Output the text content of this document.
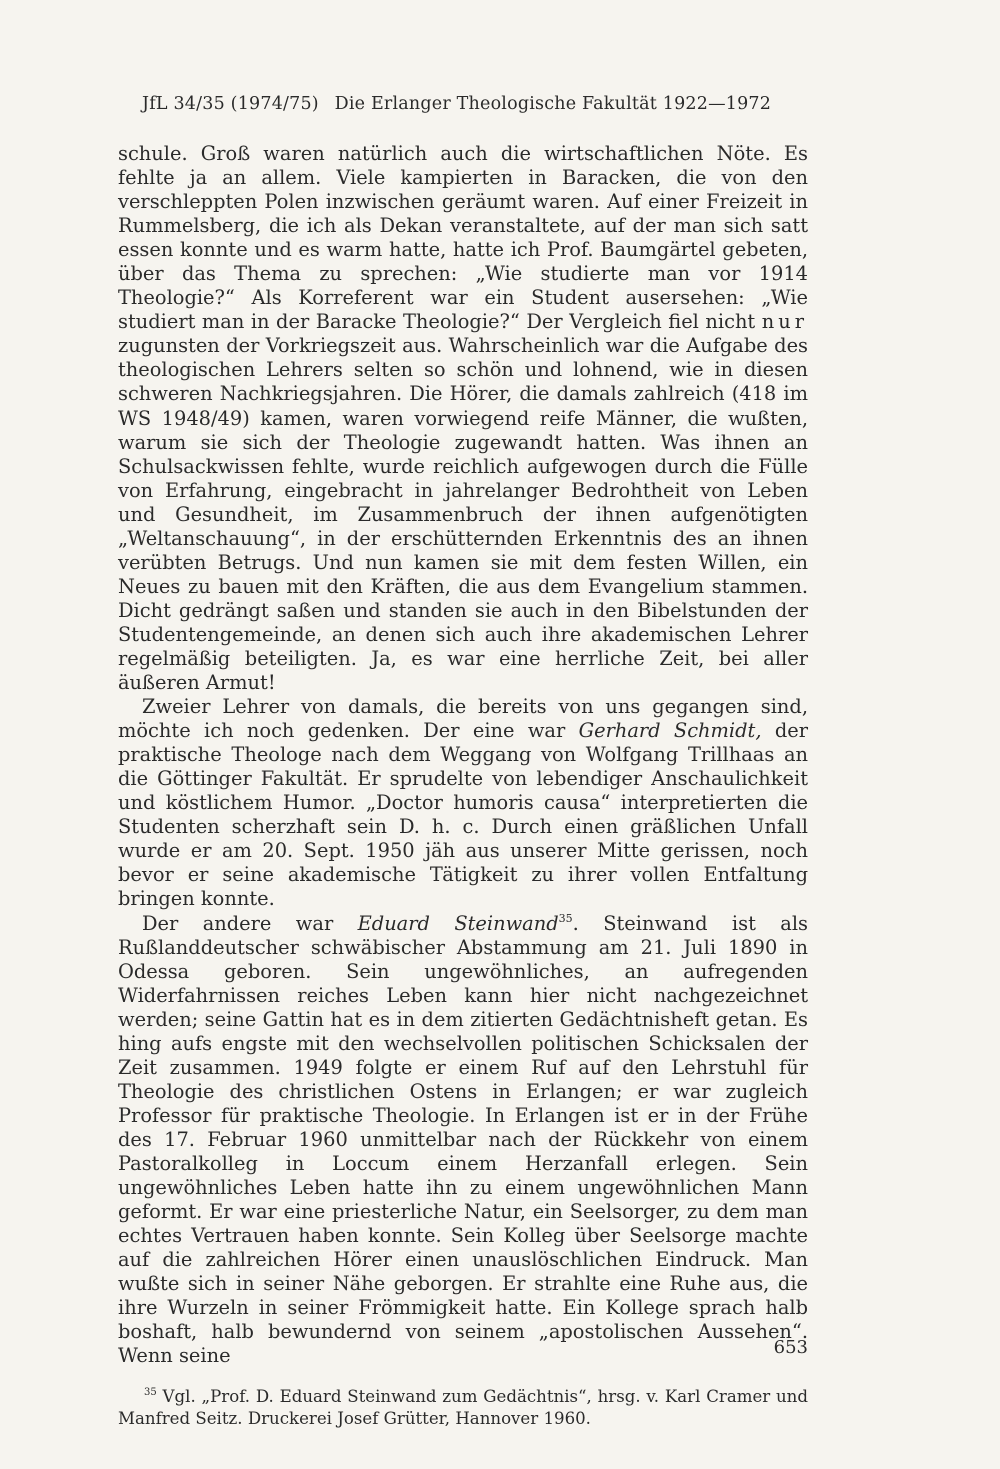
JfL 34/35 (1974/75) Die Erlanger Theologische Fakultät 1922—1972

schule. Groß waren natürlich auch die wirtschaftlichen Nöte. Es fehlte ja an allem. Viele kampierten in Baracken, die von den verschleppten Polen inzwischen geräumt waren. Auf einer Freizeit in Rummelsberg, die ich als Dekan veranstaltete, auf der man sich satt essen konnte und es warm hatte, hatte ich Prof. Baumgärtel gebeten, über das Thema zu sprechen: „Wie studierte man vor 1914 Theologie?“ Als Korreferent war ein Student ausersehen: „Wie studiert man in der Baracke Theologie?“ Der Vergleich fiel nicht nur zugunsten der Vorkriegszeit aus. Wahrscheinlich war die Aufgabe des theologischen Lehrers selten so schön und lohnend, wie in diesen schweren Nachkriegsjahren. Die Hörer, die damals zahlreich (418 im WS 1948/49) kamen, waren vorwiegend reife Männer, die wußten, warum sie sich der Theologie zugewandt hatten. Was ihnen an Schulsackwissen fehlte, wurde reichlich aufgewogen durch die Fülle von Erfahrung, eingebracht in jahrelanger Bedrohtheit von Leben und Gesundheit, im Zusammenbruch der ihnen aufgenötigten „Weltanschauung“, in der erschütternden Erkenntnis des an ihnen verübten Betrugs. Und nun kamen sie mit dem festen Willen, ein Neues zu bauen mit den Kräften, die aus dem Evangelium stammen. Dicht gedrängt saßen und standen sie auch in den Bibelstunden der Studentengemeinde, an denen sich auch ihre akademischen Lehrer regelmäßig beteiligten. Ja, es war eine herrliche Zeit, bei aller äußeren Armut!

Zweier Lehrer von damals, die bereits von uns gegangen sind, möchte ich noch gedenken. Der eine war Gerhard Schmidt, der praktische Theologe nach dem Weggang von Wolfgang Trillhaas an die Göttinger Fakultät. Er sprudelte von lebendiger Anschaulichkeit und köstlichem Humor. „Doctor humoris causa“ interpretierten die Studenten scherzhaft sein D. h. c. Durch einen gräßlichen Unfall wurde er am 20. Sept. 1950 jäh aus unserer Mitte gerissen, noch bevor er seine akademische Tätigkeit zu ihrer vollen Entfaltung bringen konnte.

Der andere war Eduard Steinwand$^{35}$. Steinwand ist als Rußlanddeutscher schwäbischer Abstammung am 21. Juli 1890 in Odessa geboren. Sein ungewöhnliches, an aufregenden Widerfahrnissen reiches Leben kann hier nicht nachgezeichnet werden; seine Gattin hat es in dem zitierten Gedächtnisheft getan. Es hing aufs engste mit den wechselvollen politischen Schicksalen der Zeit zusammen. 1949 folgte er einem Ruf auf den Lehrstuhl für Theologie des christlichen Ostens in Erlangen; er war zugleich Professor für praktische Theologie. In Erlangen ist er in der Frühe des 17. Februar 1960 unmittelbar nach der Rückkehr von einem Pastoralkolleg in Loccum einem Herzanfall erlegen. Sein ungewöhnliches Leben hatte ihn zu einem ungewöhnlichen Mann geformt. Er war eine priesterliche Natur, ein Seelsorger, zu dem man echtes Vertrauen haben konnte. Sein Kolleg über Seelsorge machte auf die zahlreichen Hörer einen unauslöschlichen Eindruck. Man wußte sich in seiner Nähe geborgen. Er strahlte eine Ruhe aus, die ihre Wurzeln in seiner Frömmigkeit hatte. Ein Kollege sprach halb boshaft, halb bewundernd von seinem „apostolischen Aussehen“. Wenn seine

$^{35}$ Vgl. „Prof. D. Eduard Steinwand zum Gedächtnis“, hrsg. v. Karl Cramer und Manfred Seitz. Druckerei Josef Grütter, Hannover 1960.
653
